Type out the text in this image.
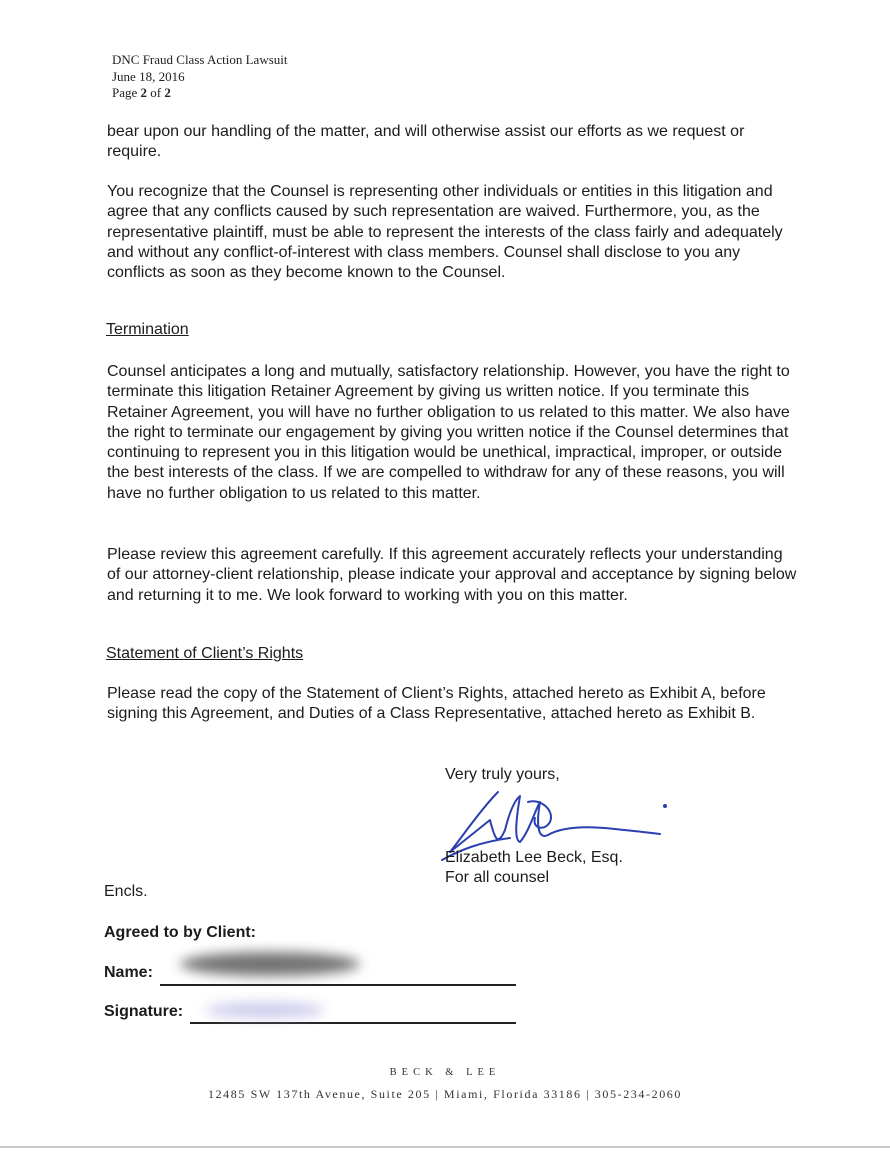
DNC Fraud Class Action Lawsuit
June 18, 2016
Page 2 of 2

bear upon our handling of the matter, and will otherwise assist our efforts as we request or require.

You recognize that the Counsel is representing other individuals or entities in this litigation and agree that any conflicts caused by such representation are waived. Furthermore, you, as the representative plaintiff, must be able to represent the interests of the class fairly and adequately and without any conflict-of-interest with class members. Counsel shall disclose to you any conflicts as soon as they become known to the Counsel.

Termination

Counsel anticipates a long and mutually, satisfactory relationship. However, you have the right to terminate this litigation Retainer Agreement by giving us written notice. If you terminate this Retainer Agreement, you will have no further obligation to us related to this matter. We also have the right to terminate our engagement by giving you written notice if the Counsel determines that continuing to represent you in this litigation would be unethical, impractical, improper, or outside the best interests of the class. If we are compelled to withdraw for any of these reasons, you will have no further obligation to us related to this matter.

Please review this agreement carefully. If this agreement accurately reflects your understanding of our attorney-client relationship, please indicate your approval and acceptance by signing below and returning it to me. We look forward to working with you on this matter.

Statement of Client’s Rights

Please read the copy of the Statement of Client’s Rights, attached hereto as Exhibit A, before signing this Agreement, and Duties of a Class Representative, attached hereto as Exhibit B.

Very truly yours,
Elizabeth Lee Beck, Esq.
For all counsel
Encls.
Agreed to by Client:
Name:
Signature:
BECK & LEE
12485 SW 137th Avenue, Suite 205 | Miami, Florida 33186 | 305-234-2060
